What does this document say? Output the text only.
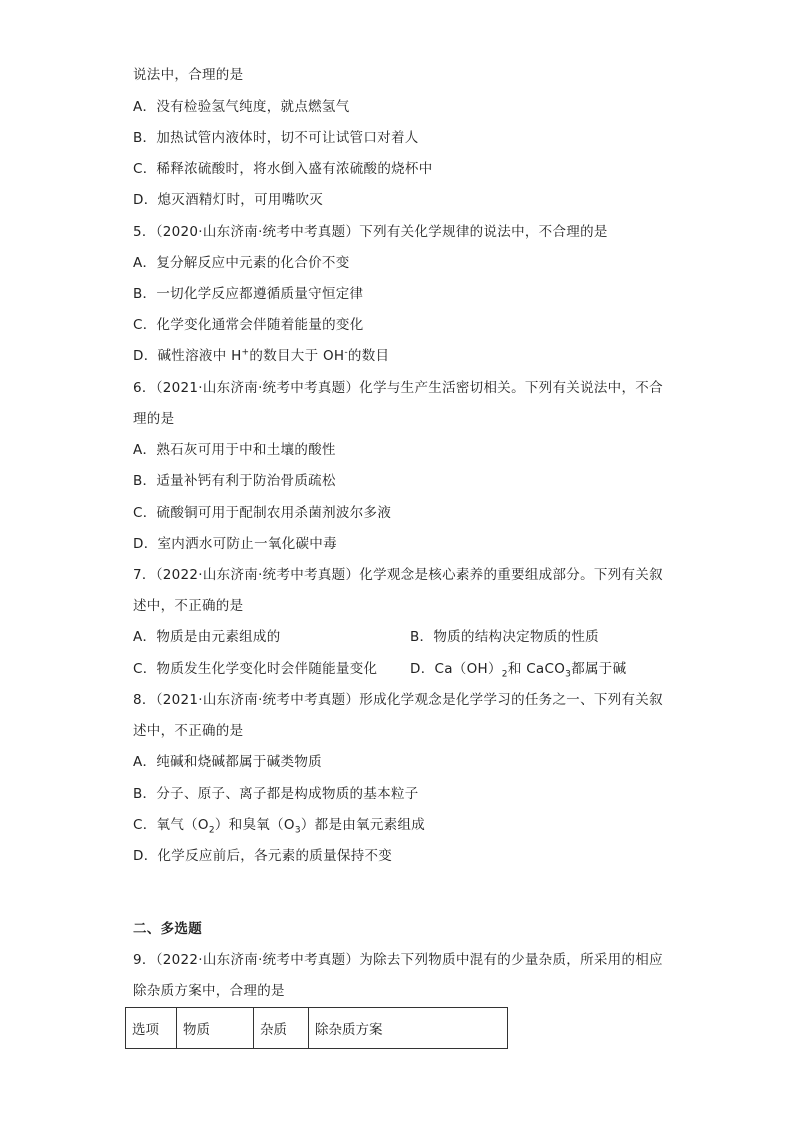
说法中，合理的是
A．没有检验氢气纯度，就点燃氢气
B．加热试管内液体时，切不可让试管口对着人
C．稀释浓硫酸时，将水倒入盛有浓硫酸的烧杯中
D．熄灭酒精灯时，可用嘴吹灭
5．（2020·山东济南·统考中考真题）下列有关化学规律的说法中，不合理的是
A．复分解反应中元素的化合价不变
B．一切化学反应都遵循质量守恒定律
C．化学变化通常会伴随着能量的变化
D．碱性溶液中 H+的数目大于 OH-的数目
6．（2021·山东济南·统考中考真题）化学与生产生活密切相关。下列有关说法中，不合
理的是
A．熟石灰可用于中和土壤的酸性
B．适量补钙有利于防治骨质疏松
C．硫酸铜可用于配制农用杀菌剂波尔多液
D．室内洒水可防止一氧化碳中毒
7．（2022·山东济南·统考中考真题）化学观念是核心素养的重要组成部分。下列有关叙
述中，不正确的是
A．物质是由元素组成的	B．物质的结构决定物质的性质
C．物质发生化学变化时会伴随能量变化 D．$Ca(OH)_2$和 CaCO$_3$都属于碱
8．（2021·山东济南·统考中考真题）形成化学观念是化学学习的任务之一、下列有关叙
述中，不正确的是
A．纯碱和烧碱都属于碱类物质
B．分子、原子、离子都是构成物质的基本粒子
C．氧气$(O_2)$和臭氧$(O_3)$都是由氧元素组成
D．化学反应前后，各元素的质量保持不变
二、多选题
9．（2022·山东济南·统考中考真题）为除去下列物质中混有的少量杂质，所采用的相应
除杂质方案中，合理的是
选项	物质	杂质	除杂质方案
